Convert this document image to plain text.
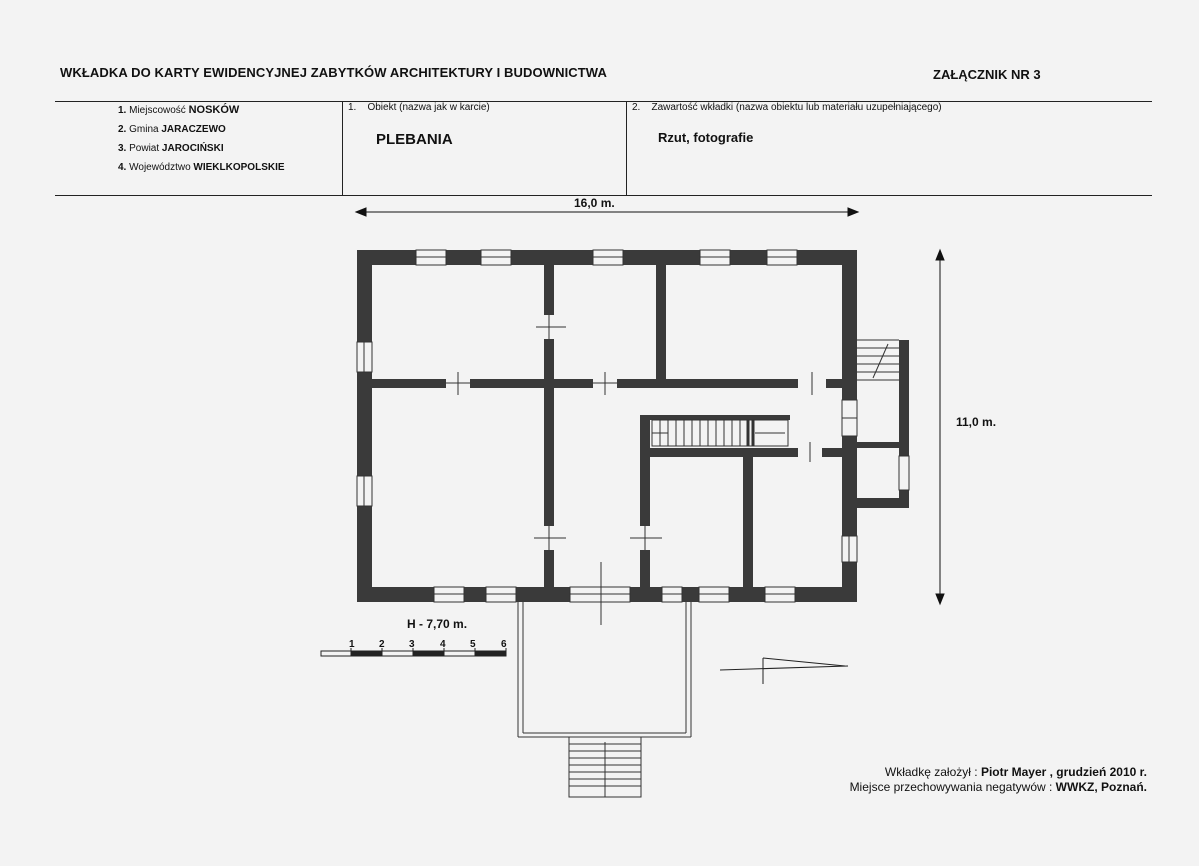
WKŁADKA DO KARTY EWIDENCYJNEJ ZABYTKÓW ARCHITEKTURY I BUDOWNICTWA	ZAŁĄCZNIK NR 3
1. Miejscowość NOSKÓW
2. Gmina JARACZEWO
3. Powiat JAROCIŃSKI
4. Województwo WIEKLKOPOLSKIE
1. Obiekt (nazwa jak w karcie)
PLEBANIA
2. Zawartość wkładki (nazwa obiektu lub materiału uzupełniającego)
Rzut, fotografie
16,0 m.
11,0 m.
H - 7,70 m.
1 2 3	4 5	6
Wkładkę założył : Piotr Mayer , grudzień 2010 r.
Miejsce przechowywania negatywów : WWKZ, Poznań.
